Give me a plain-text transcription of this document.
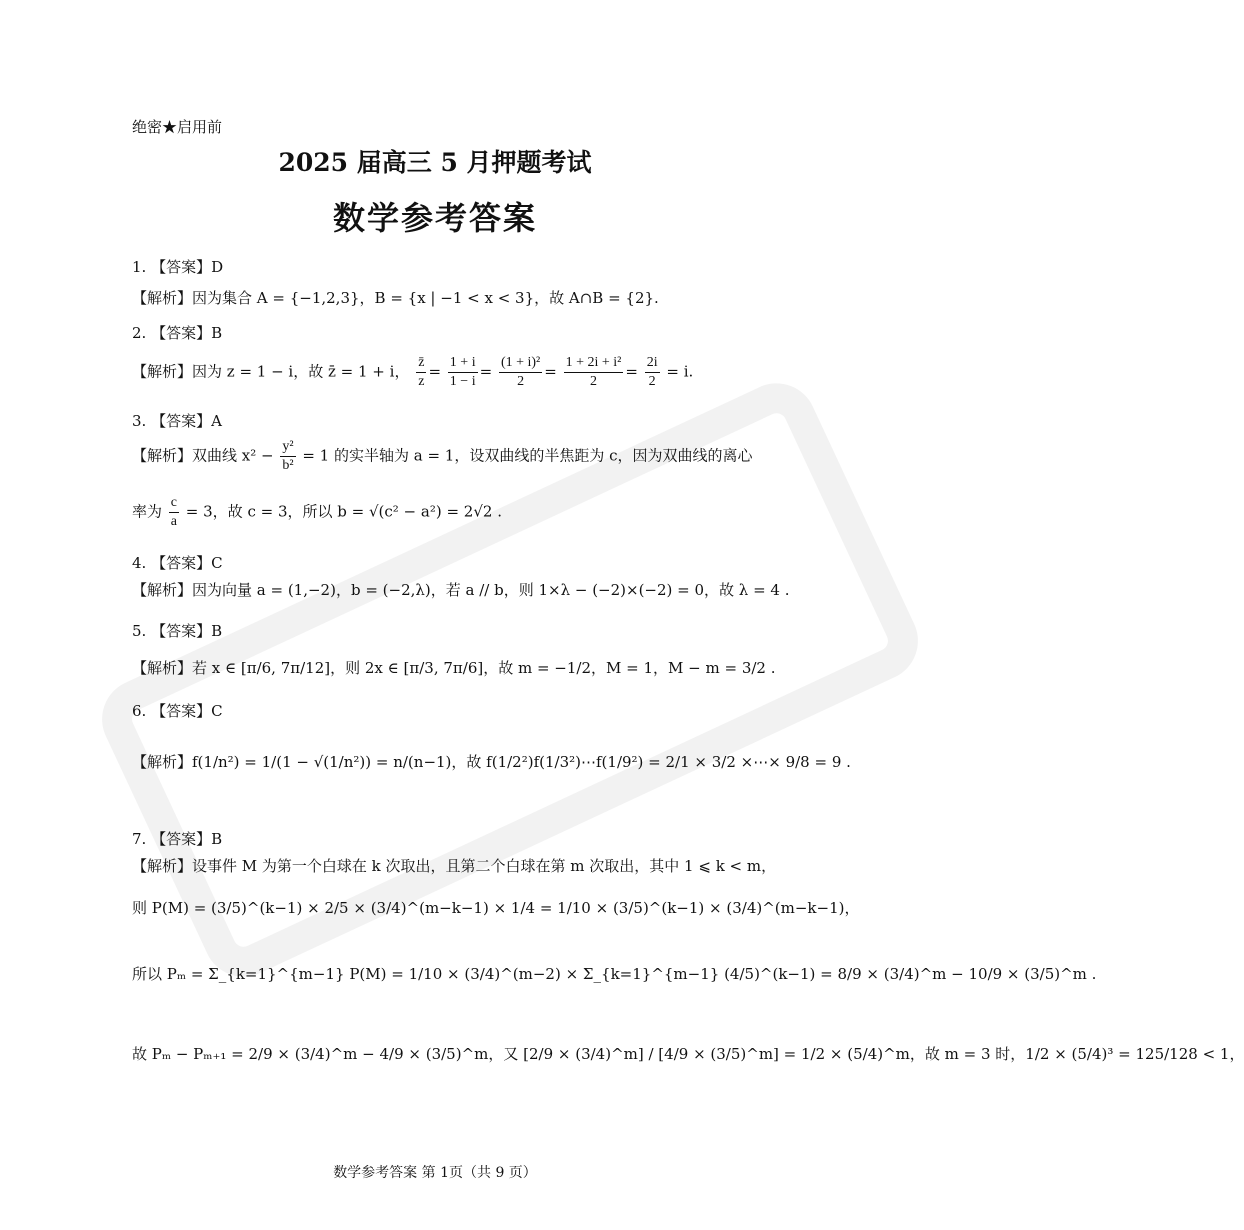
绝密★启用前
2025 届高三 5 月押题考试
数学参考答案
1. 【答案】D
【解析】因为集合 A = {−1,2,3}，B = {x | −1 < x < 3}，故 A∩B = {2}.
2. 【答案】B
【解析】因为 z = 1 − i，故 z̄ = 1 + i， $\frac{z̄}{z} = \frac{1 + i}{1 - i} = \frac{\text{(1 + i)²}}{2} = \frac{\text{1 + 2i + i²}}{2} = \frac{2i}{2} = i$.
3. 【答案】A
【解析】双曲线 $x^2 - \frac{\text{y²}}{\text{b²}} = 1$ 的实半轴为 a = 1，设双曲线的半焦距为 c，因为双曲线的离心
率为 $\frac{c}{a} = 3$，故 c = 3，所以 b = √(c² − a²) = 2√2 .
4. 【答案】C
【解析】因为向量 a = (1,−2)，b = (−2,λ)，若 a // b，则 1×λ − (−2)×(−2) = 0，故 λ = 4 .
5. 【答案】B
【解析】若 x ∈ [π/6, 7π/12]，则 2x ∈ [π/3, 7π/6]，故 m = −1/2，M = 1，M − m = 3/2 .
6. 【答案】C
【解析】f(1/n²) = 1/(1 − √(1/n²)) = n/(n−1)，故 f(1/2²)f(1/3²)⋯f(1/9²) = 2/1 × 3/2 ×⋯× 9/8 = 9 .
7. 【答案】B
【解析】设事件 M 为第一个白球在 k 次取出，且第二个白球在第 m 次取出，其中 1 ⩽ k < m，
则 P(M) = (3/5)^(k−1) × 2/5 × (3/4)^(m−k−1) × 1/4 = 1/10 × (3/5)^(k−1) × (3/4)^(m−k−1)，
所以 Pₘ = Σ_{k=1}^{m−1} P(M) = 1/10 × (3/4)^(m−2) × Σ_{k=1}^{m−1} (4/5)^(k−1) = 8/9 × (3/4)^m − 10/9 × (3/5)^m .
故 Pₘ − Pₘ₊₁ = 2/9 × (3/4)^m − 4/9 × (3/5)^m，又 [2/9 × (3/4)^m] / [4/9 × (3/5)^m] = 1/2 × (5/4)^m，故 m = 3 时，1/2 × (5/4)³ = 125/128 < 1，
数学参考答案 第 1页（共 9 页）
